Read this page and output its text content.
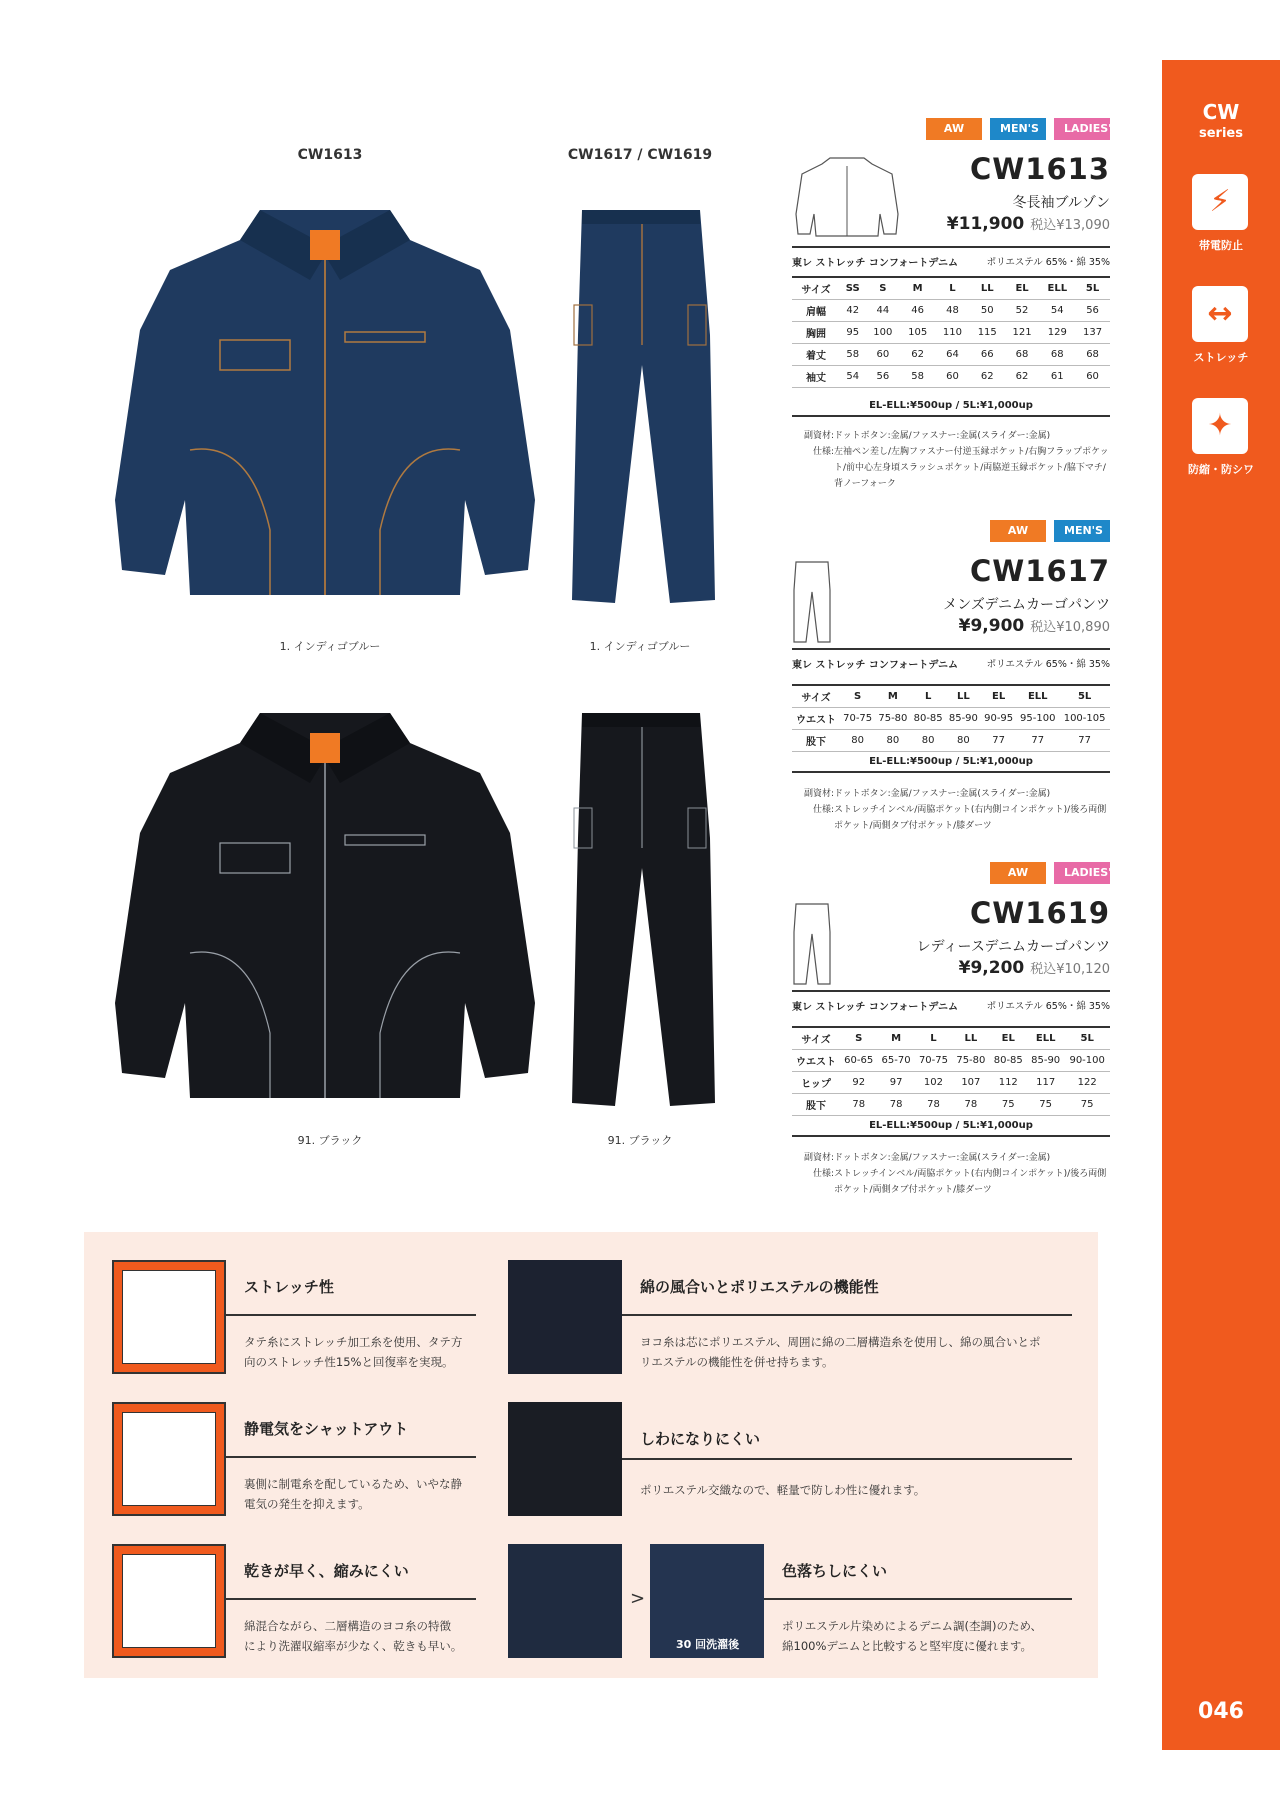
CW
series
⚡
帯電防止
↔
ストレッチ
✦
防縮・防シワ
046
CW1613	CW1617 / CW1619
1. インディゴブルー	1. インディゴブルー
91. ブラック	91. ブラック
AW	MEN'S	LADIES'
CW1613
冬長袖ブルゾン
¥11,900 税込¥13,090
東レ ストレッチ コンフォートデニム	ポリエステル 65%・綿 35%
サイズ	SS	S	M	L	LL	EL	ELL	5L
肩幅	42	44	46	48	50	52	54	56
胸囲	95	100	105	110	115	121	129	137
着丈	58	60	62	64	66	68	68	68
袖丈	54	56	58	60	62	62	61	60
EL-ELL:¥500up / 5L:¥1,000up
副資材: ドットボタン:金属/ファスナー:金属(スライダー:金属)
仕様: 左袖ペン差し/左胸ファスナー付逆玉縁ポケット/右胸フラップポケット/前中心左身頃スラッシュポケット/両脇逆玉縁ポケット/脇下マチ/背ノーフォーク
AW	MEN'S
CW1617
メンズデニムカーゴパンツ
¥9,900 税込¥10,890
東レ ストレッチ コンフォートデニム	ポリエステル 65%・綿 35%
サイズ	S	M	L	LL	EL	ELL	5L
ウエスト	70-75	75-80	80-85	85-90	90-95	95-100	100-105
股下	80	80	80	80	77	77	77
EL-ELL:¥500up / 5L:¥1,000up
副資材: ドットボタン:金属/ファスナー:金属(スライダー:金属)
仕様: ストレッチインベル/両脇ポケット(右内側コインポケット)/後ろ両側ポケット/両側タブ付ポケット/膝ダーツ
AW	LADIES'
CW1619
レディースデニムカーゴパンツ
¥9,200 税込¥10,120
東レ ストレッチ コンフォートデニム	ポリエステル 65%・綿 35%
サイズ	S	M	L	LL	EL	ELL	5L
ウエスト	60-65	65-70	70-75	75-80	80-85	85-90	90-100
ヒップ	92	97	102	107	112	117	122
股下	78	78	78	78	75	75	75
EL-ELL:¥500up / 5L:¥1,000up
副資材: ドットボタン:金属/ファスナー:金属(スライダー:金属)
仕様: ストレッチインベル/両脇ポケット(右内側コインポケット)/後ろ両側ポケット/両側タブ付ポケット/膝ダーツ
ストレッチ性
タテ糸にストレッチ加工糸を使用、タテ方
向のストレッチ性15%と回復率を実現。
静電気をシャットアウト
裏側に制電糸を配しているため、いやな静
電気の発生を抑えます。
乾きが早く、縮みにくい
綿混合ながら、二層構造のヨコ糸の特徴
により洗濯収縮率が少なく、乾きも早い。
綿の風合いとポリエステルの機能性
ヨコ糸は芯にポリエステル、周囲に綿の二層構造糸を使用し、綿の風合いとポ
リエステルの機能性を併せ持ちます。
しわになりにくい
ポリエステル交織なので、軽量で防しわ性に優れます。
>
30 回洗濯後
色落ちしにくい
ポリエステル片染めによるデニム調(杢調)のため、
綿100%デニムと比較すると堅牢度に優れます。
